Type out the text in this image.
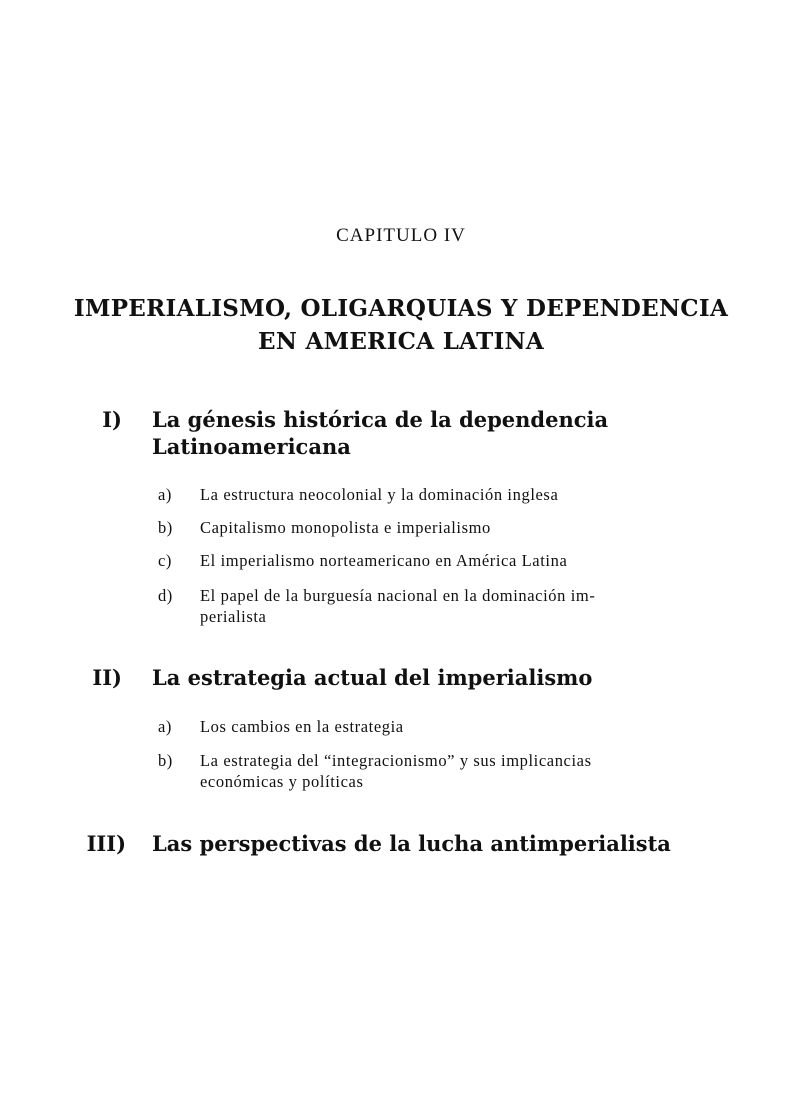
CAPITULO IV
IMPERIALISMO, OLIGARQUIAS Y DEPENDENCIA
EN AMERICA LATINA
I) La génesis histórica de la dependencia
Latinoamericana
a) La estructura neocolonial y la dominación inglesa
b) Capitalismo monopolista e imperialismo
c) El imperialismo norteamericano en América Latina
d) El papel de la burguesía nacional en la dominación im-
perialista
II) La estrategia actual del imperialismo
a) Los cambios en la estrategia
b) La estrategia del “integracionismo” y sus implicancias
económicas y políticas
III) Las perspectivas de la lucha antimperialista
